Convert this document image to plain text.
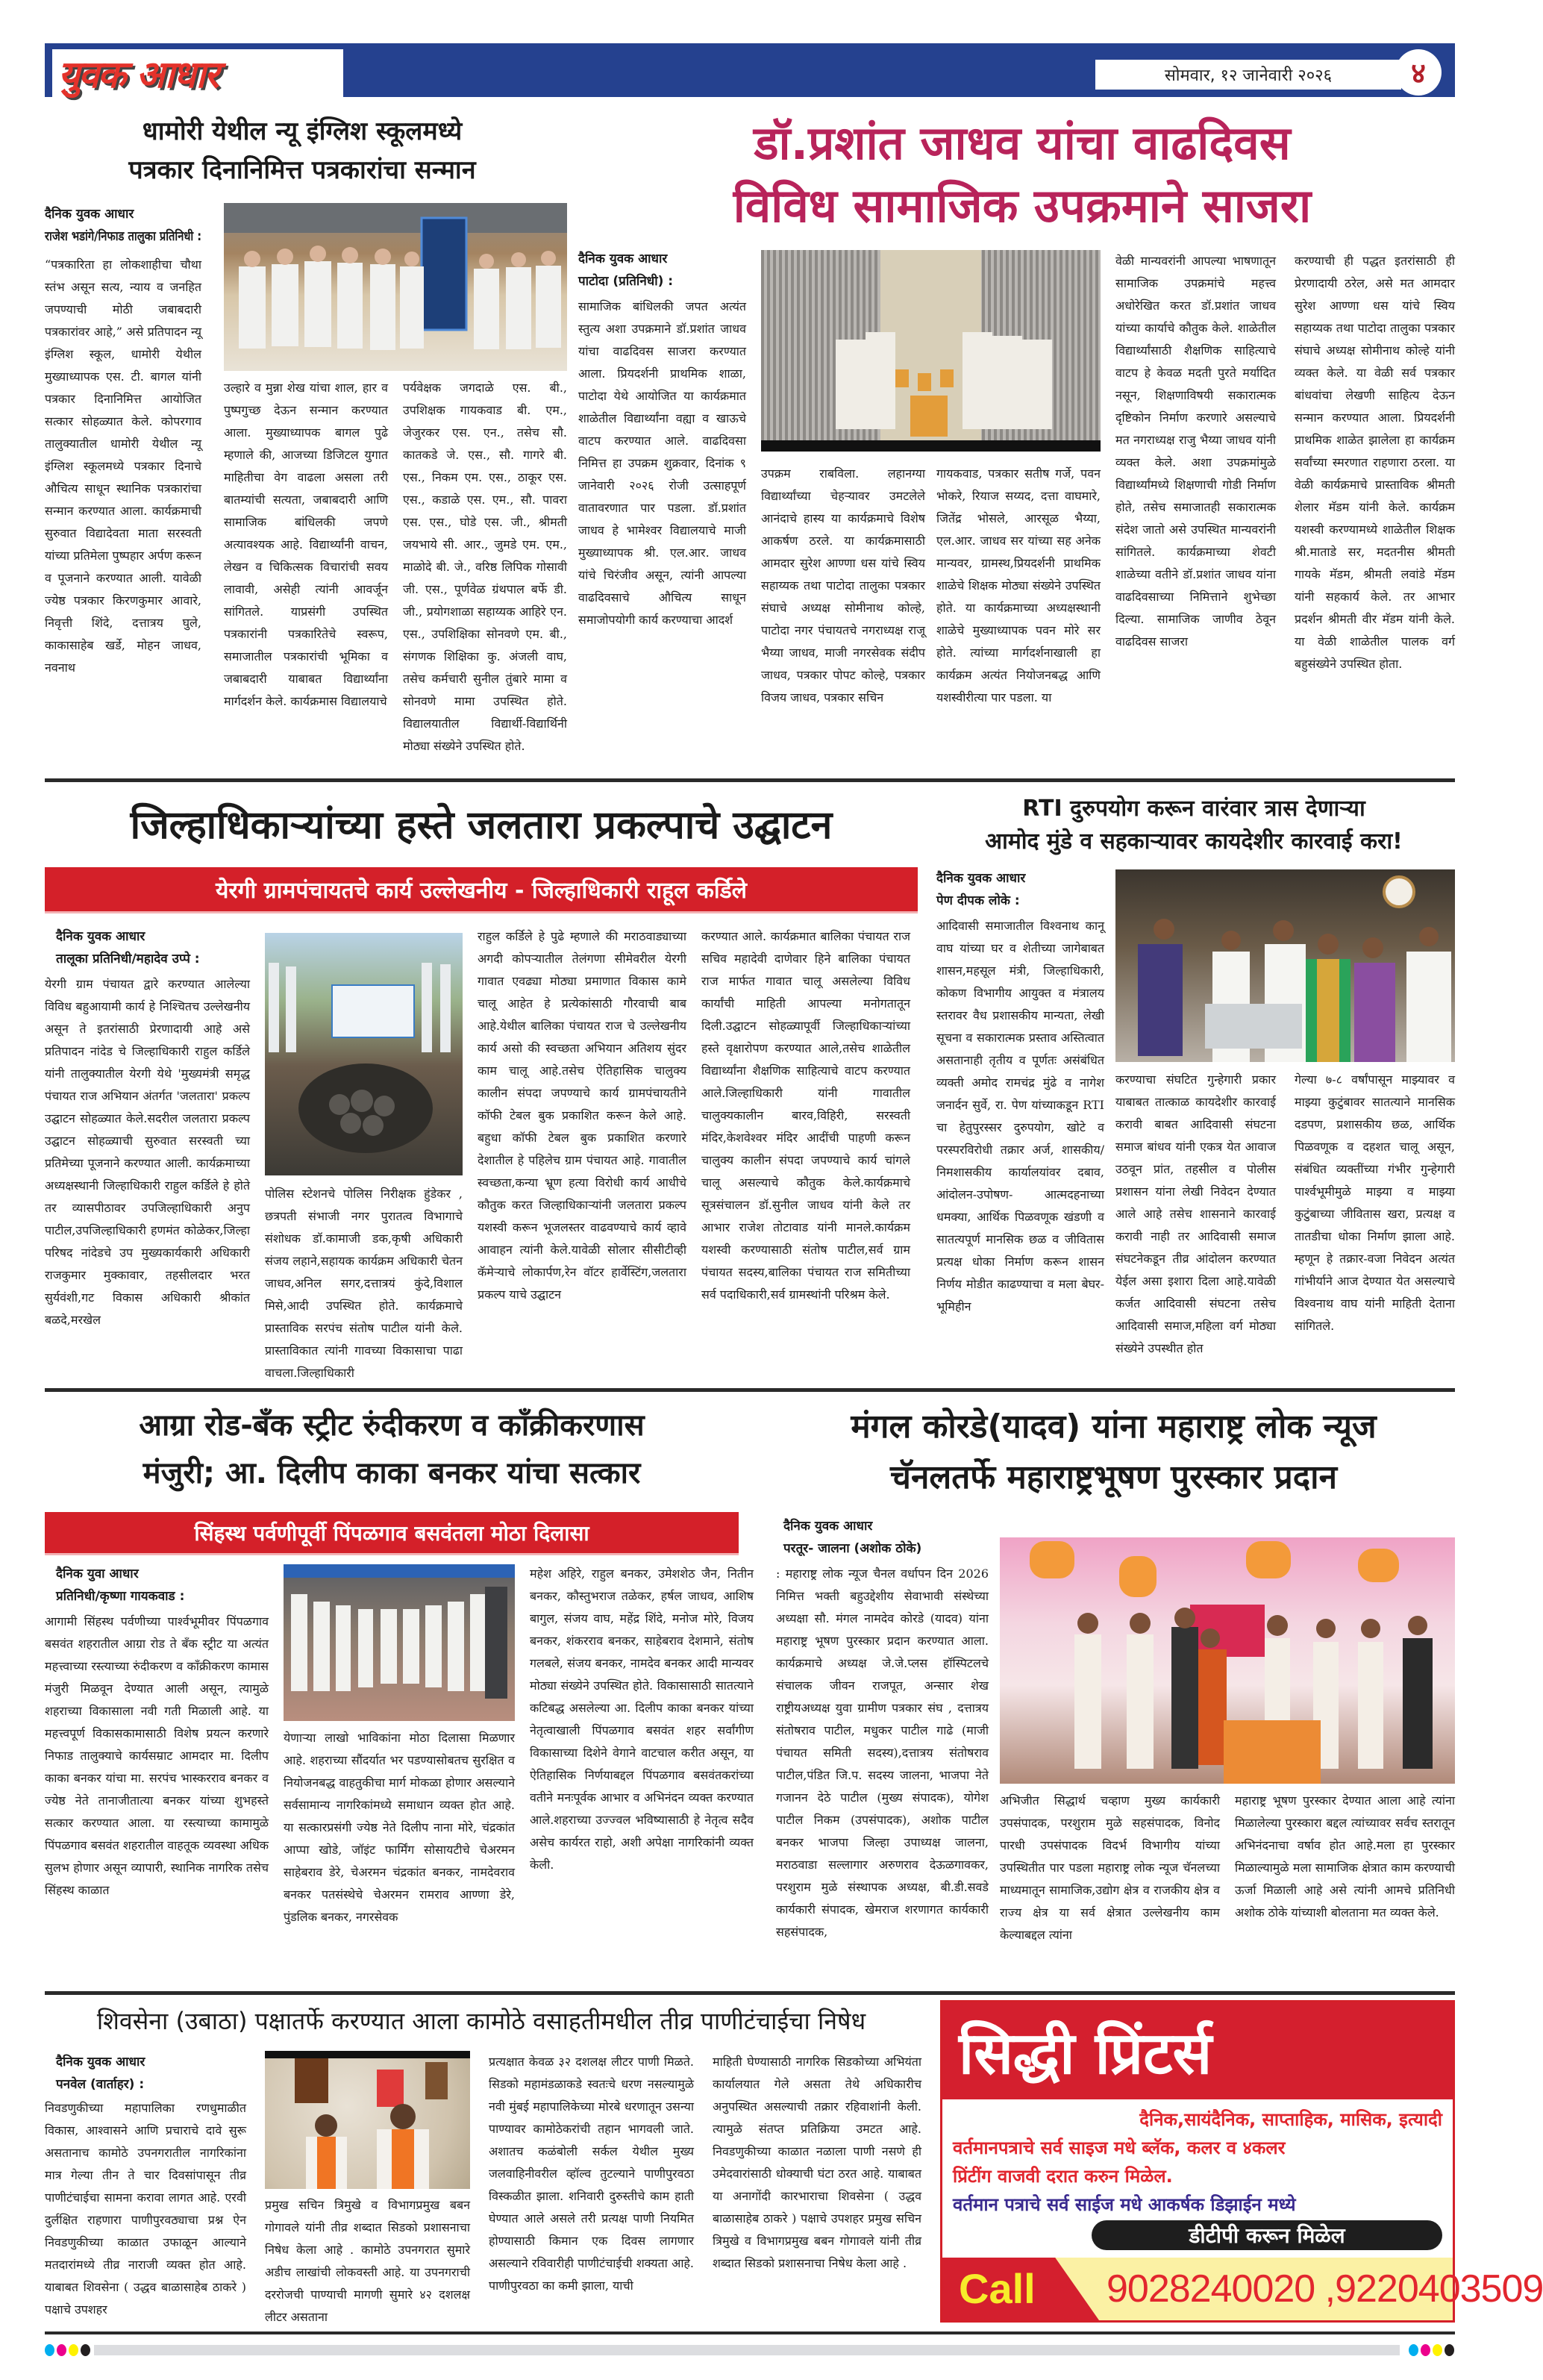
युवक आधार	सोमवार, १२ जानेवारी २०२६	४
धामोरी येथील न्यू इंग्लिश स्कूलमध्ये
पत्रकार दिनानिमित्त पत्रकारांचा सन्मान
दैनिक युवक आधार
राजेश भडांगे/निफाड तालुका प्रतिनिधी :
“पत्रकारिता हा लोकशाहीचा चौथा स्तंभ असून सत्य, न्याय व जनहित जपण्याची मोठी जबाबदारी पत्रकारांवर आहे,” असे प्रतिपादन न्यू इंग्लिश स्कूल, धामोरी येथील मुख्याध्यापक एस. टी. बागल यांनी पत्रकार दिनानिमित्त आयोजित सत्कार सोहळ्यात केले. कोपरगाव तालुक्यातील धामोरी येथील न्यू इंग्लिश स्कूलमध्ये पत्रकार दिनाचे औचित्य साधून स्थानिक पत्रकारांचा सन्मान करण्यात आला. कार्यक्रमाची सुरुवात विद्यादेवता माता सरस्वती यांच्या प्रतिमेला पुष्पहार अर्पण करून व पूजनाने करण्यात आली. यावेळी ज्येष्ठ पत्रकार किरणकुमार आवारे, निवृत्ती शिंदे, दत्तात्रय घुले, काकासाहेब खर्डे, मोहन जाधव, नवनाथ
उल्हारे व मुन्ना शेख यांचा शाल, हार व पुष्पगुच्छ देऊन सन्मान करण्यात आला. मुख्याध्यापक बागल पुढे म्हणाले की, आजच्या डिजिटल युगात माहितीचा वेग वाढला असला तरी बातम्यांची सत्यता, जबाबदारी आणि सामाजिक बांधिलकी जपणे अत्यावश्यक आहे. विद्यार्थ्यांनी वाचन, लेखन व चिकित्सक विचारांची सवय लावावी, असेही त्यांनी आवर्जून सांगितले. याप्रसंगी उपस्थित पत्रकारांनी पत्रकारितेचे स्वरूप, समाजातील पत्रकारांची भूमिका व जबाबदारी याबाबत विद्यार्थ्यांना मार्गदर्शन केले. कार्यक्रमास विद्यालयाचे
पर्यवेक्षक जगदाळे एस. बी., उपशिक्षक गायकवाड बी. एम., जेजुरकर एस. एन., तसेच सौ. कातकडे जे. एस., सौ. गागरे बी. एस., निकम एम. एस., ठाकूर एस. एस., कडाळे एस. एम., सौ. पावरा एस. एस., घोडे एस. जी., श्रीमती जयभाये सी. आर., जुमडे एम. एम., माळोदे बी. जे., वरिष्ठ लिपिक गोसावी जी. एस., पूर्णवेळ ग्रंथपाल बर्फे डी. जी., प्रयोगशाळा सहाय्यक आहिरे एन. एस., उपशिक्षिका सोनवणे एम. बी., संगणक शिक्षिका कु. अंजली वाघ, तसेच कर्मचारी सुनील तुंबारे मामा व सोनवणे मामा उपस्थित होते. विद्यालयातील विद्यार्थी-विद्यार्थिनी मोठ्या संख्येने उपस्थित होते.
डॉ.प्रशांत जाधव यांचा वाढदिवस
विविध सामाजिक उपक्रमाने साजरा
दैनिक युवक आधार
पाटोदा (प्रतिनिधी) :
सामाजिक बांधिलकी जपत अत्यंत स्तुत्य अशा उपक्रमाने डॉ.प्रशांत जाधव यांचा वाढदिवस साजरा करण्यात आला. प्रियदर्शनी प्राथमिक शाळा, पाटोदा येथे आयोजित या कार्यक्रमात शाळेतील विद्यार्थ्यांना वह्या व खाऊचे वाटप करण्यात आले. वाढदिवसा निमित्त हा उपक्रम शुक्रवार, दिनांक ९ जानेवारी २०२६ रोजी उत्साहपूर्ण वातावरणात पार पडला. डॉ.प्रशांत जाधव हे भामेश्वर विद्यालयाचे माजी मुख्याध्यापक श्री. एल.आर. जाधव यांचे चिरंजीव असून, त्यांनी आपल्या वाढदिवसाचे औचित्य साधून समाजोपयोगी कार्य करण्याचा आदर्श
उपक्रम राबविला. लहानग्या विद्यार्थ्यांच्या चेहऱ्यावर उमटलेले आनंदाचे हास्य या कार्यक्रमाचे विशेष आकर्षण ठरले. या कार्यक्रमासाठी आमदार सुरेश आण्णा धस यांचे स्विय सहाय्यक तथा पाटोदा तालुका पत्रकार संघाचे अध्यक्ष सोमीनाथ कोल्हे, पाटोदा नगर पंचायतचे नगराध्यक्ष राजू भैय्या जाधव, माजी नगरसेवक संदीप जाधव, पत्रकार पोपट कोल्हे, पत्रकार विजय जाधव, पत्रकार सचिन
गायकवाड, पत्रकार सतीष गर्जे, पवन भोकरे, रियाज सय्यद, दत्ता वाघमारे, जितेंद्र भोसले, आरसूळ भैय्या, एल.आर. जाधव सर यांच्या सह अनेक मान्यवर, ग्रामस्थ,प्रियदर्शनी प्राथमिक शाळेचे शिक्षक मोठ्या संख्येने उपस्थित होते. या कार्यक्रमाच्या अध्यक्षस्थानी शाळेचे मुख्याध्यापक पवन मोरे सर होते. त्यांच्या मार्गदर्शनाखाली हा कार्यक्रम अत्यंत नियोजनबद्ध आणि यशस्वीरीत्या पार पडला. या
वेळी मान्यवरांनी आपल्या भाषणातून सामाजिक उपक्रमांचे महत्त्व अधोरेखित करत डॉ.प्रशांत जाधव यांच्या कार्याचे कौतुक केले. शाळेतील विद्यार्थ्यांसाठी शैक्षणिक साहित्याचे वाटप हे केवळ मदती पुरते मर्यादित नसून, शिक्षणाविषयी सकारात्मक दृष्टिकोन निर्माण करणारे असल्याचे मत नगराध्यक्ष राजु भैय्या जाधव यांनी व्यक्त केले. अशा उपक्रमांमुळे विद्यार्थ्यांमध्ये शिक्षणाची गोडी निर्माण होते, तसेच समाजातही सकारात्मक संदेश जातो असे उपस्थित मान्यवरांनी सांगितले. कार्यक्रमाच्या शेवटी शाळेच्या वतीने डॉ.प्रशांत जाधव यांना वाढदिवसाच्या निमित्ताने शुभेच्छा दिल्या. सामाजिक जाणीव ठेवून वाढदिवस साजरा
करण्याची ही पद्धत इतरांसाठी ही प्रेरणादायी ठरेल, असे मत आमदार सुरेश आण्णा धस यांचे स्विय सहाय्यक तथा पाटोदा तालुका पत्रकार संघाचे अध्यक्ष सोमीनाथ कोल्हे यांनी व्यक्त केले. या वेळी सर्व पत्रकार बांधवांचा लेखणी साहित्य देऊन सन्मान करण्यात आला. प्रियदर्शनी प्राथमिक शाळेत झालेला हा कार्यक्रम सर्वांच्या स्मरणात राहणारा ठरला. या वेळी कार्यक्रमाचे प्रास्ताविक श्रीमती शेलार मॅडम यांनी केले. कार्यक्रम यशस्वी करण्यामध्ये शाळेतील शिक्षक श्री.माताडे सर, मदतनीस श्रीमती गायके मॅडम, श्रीमती लवांडे मॅडम यांनी सहकार्य केले. तर आभार प्रदर्शन श्रीमती वीर मॅडम यांनी केले. या वेळी शाळेतील पालक वर्ग बहुसंख्येने उपस्थित होता.
जिल्हाधिकाऱ्यांच्या हस्ते जलतारा प्रकल्पाचे उद्घाटन
येरगी ग्रामपंचायतचे कार्य उल्लेखनीय - जिल्हाधिकारी राहूल कर्डिले
दैनिक युवक आधार
तालूका प्रतिनिधी/महादेव उप्पे :
येरगी ग्राम पंचायत द्वारे करण्यात आलेल्या विविध बहुआयामी कार्य हे निश्चितच उल्लेखनीय असून ते इतरांसाठी प्रेरणादायी आहे असे प्रतिपादन नांदेड चे जिल्हाधिकारी राहुल कर्डिले यांनी तालुक्यातील येरगी येथे 'मुख्यमंत्री समृद्ध पंचायत राज अभियान अंतर्गत 'जलतारा' प्रकल्प उद्घाटन सोहळ्यात केले.सदरील जलतारा प्रकल्प उद्घाटन सोहळ्याची सुरुवात सरस्वती च्या प्रतिमेच्या पूजनाने करण्यात आली. कार्यक्रमाच्या अध्यक्षस्थानी जिल्हाधिकारी राहुल कर्डिले हे होते तर व्यासपीठावर उपजिल्हाधिकारी अनुप पाटील,उपजिल्हाधिकारी हणमंत कोळेकर,जिल्हा परिषद नांदेडचे उप मुख्यकार्यकारी अधिकारी राजकुमार मुक्कावार, तहसीलदार भरत सुर्यवंशी,गट विकास अधिकारी श्रीकांत बळदे,मरखेल
पोलिस स्टेशनचे पोलिस निरीक्षक हुंडेकर , छत्रपती संभाजी नगर पुरातत्व विभागाचे संशोधक डॉ.कामाजी डक,कृषी अधिकारी संजय लहाने,सहायक कार्यक्रम अधिकारी चेतन जाधव,अनिल सगर,दत्तात्रयं कुंदे,विशाल मिसे,आदी उपस्थित होते. कार्यक्रमाचे प्रास्ताविक सरपंच संतोष पाटील यांनी केले. प्रास्ताविकात त्यांनी गावच्या विकासाचा पाढा वाचला.जिल्हाधिकारी
राहुल कर्डिले हे पुढे म्हणाले की मराठवाड्याच्या अगदी कोपऱ्यातील तेलंगणा सीमेवरील येरगी गावात एवढ्या मोठ्या प्रमाणात विकास कामे चालू आहेत हे प्रत्येकांसाठी गौरवाची बाब आहे.येथील बालिका पंचायत राज चे उल्लेखनीय कार्य असो की स्वच्छता अभियान अतिशय सुंदर काम चालू आहे.तसेच ऐतिहासिक चालुक्य कालीन संपदा जपण्याचे कार्य ग्रामपंचायतीने कॉफी टेबल बुक प्रकाशित करून केले आहे. बहुधा कॉफी टेबल बुक प्रकाशित करणारे देशातील हे पहिलेच ग्राम पंचायत आहे. गावातील स्वच्छता,कन्या भ्रूण हत्या विरोधी कार्य आधीचे कौतुक करत जिल्हाधिकाऱ्यांनी जलतारा प्रकल्प यशस्वी करून भूजलस्तर वाढवण्याचे कार्य व्हावे आवाहन त्यांनी केले.यावेळी सोलार सीसीटीव्ही कॅमेऱ्याचे लोकार्पण,रेन वॉटर हार्वेस्टिंग,जलतारा प्रकल्प याचे उद्घाटन
करण्यात आले. कार्यक्रमात बालिका पंचायत राज सचिव महादेवी दाणेवार हिने बालिका पंचायत राज मार्फत गावात चालू असलेल्या विविध कार्यांची माहिती आपल्या मनोगतातून दिली.उद्घाटन सोहळ्यापूर्वी जिल्हाधिकाऱ्यांच्या हस्ते वृक्षारोपण करण्यात आले,तसेच शाळेतील विद्यार्थ्यांना शैक्षणिक साहित्याचे वाटप करण्यात आले.जिल्हाधिकारी यांनी गावातील चालुक्यकालीन बारव,विहिरी, सरस्वती मंदिर,केशवेश्वर मंदिर आदींची पाहणी करून चालुक्य कालीन संपदा जपण्याचे कार्य चांगले चालू असल्याचे कौतुक केले.कार्यक्रमाचे सूत्रसंचालन डॉ.सुनील जाधव यांनी केले तर आभार राजेश तोटावाड यांनी मानले.कार्यक्रम यशस्वी करण्यासाठी संतोष पाटील,सर्व ग्राम पंचायत सदस्य,बालिका पंचायत राज समितीच्या सर्व पदाधिकारी,सर्व ग्रामस्थांनी परिश्रम केले.
RTI दुरुपयोग करून वारंवार त्रास देणाऱ्या
आमोद मुंडे व सहकाऱ्यावर कायदेशीर कारवाई करा!
दैनिक युवक आधार
पेण दीपक लोके :
आदिवासी समाजातील विश्वनाथ कानू वाघ यांच्या घर व शेतीच्या जागेबाबत शासन,महसूल मंत्री, जिल्हाधिकारी, कोकण विभागीय आयुक्त व मंत्रालय स्तरावर वैध प्रशासकीय मान्यता, लेखी सूचना व सकारात्मक प्रस्ताव अस्तित्वात असतानाही तृतीय व पूर्णतः असंबंधित व्यक्ती अमोद रामचंद्र मुंढे व नागेश जनार्दन सुर्वे, रा. पेण यांच्याकडून RTI चा हेतुपुरस्सर दुरुपयोग, खोटे व परस्परविरोधी तक्रार अर्ज, शासकीय/निमशासकीय कार्यालयांवर दबाव, आंदोलन-उपोषण- आत्मदहनाच्या धमक्या, आर्थिक पिळवणूक खंडणी व सातत्यपूर्ण मानसिक छळ व जीवितास प्रत्यक्ष धोका निर्माण करून शासन निर्णय मोडीत काढण्याचा व मला बेघर-भूमिहीन
करण्याचा संघटित गुन्हेगारी प्रकार याबाबत तात्काळ कायदेशीर कारवाई करावी बाबत आदिवासी संघटना समाज बांधव यांनी एकत्र येत आवाज उठवून प्रांत, तहसील व पोलीस प्रशासन यांना लेखी निवेदन देण्यात आले आहे तसेच शासनाने कारवाई करावी नाही तर आदिवासी समाज संघटनेकडून तीव्र आंदोलन करण्यात येईल असा इशारा दिला आहे.यावेळी कर्जत आदिवासी संघटना तसेच आदिवासी समाज,महिला वर्ग मोठ्या संख्येने उपस्थीत होत
गेल्या ७-८ वर्षांपासून माझ्यावर व माझ्या कुटुंबावर सातत्याने मानसिक दडपण, प्रशासकीय छळ, आर्थिक पिळवणूक व दहशत चालू असून, संबंधित व्यक्तींच्या गंभीर गुन्हेगारी पार्श्वभूमीमुळे माझ्या व माझ्या कुटुंबाच्या जीवितास खरा, प्रत्यक्ष व तातडीचा धोका निर्माण झाला आहे. म्हणून हे तक्रार-वजा निवेदन अत्यंत गांभीर्याने आज देण्यात येत असल्याचे विश्वनाथ वाघ यांनी माहिती देताना सांगितले.
आग्रा रोड-बँक स्ट्रीट रुंदीकरण व काँक्रीकरणास
मंजुरी; आ. दिलीप काका बनकर यांचा सत्कार
सिंहस्थ पर्वणीपूर्वी पिंपळगाव बसवंतला मोठा दिलासा
दैनिक युवा आधार
प्रतिनिधी/कृष्णा गायकवाड :
आगामी सिंहस्थ पर्वणीच्या पार्श्वभूमीवर पिंपळगाव बसवंत शहरातील आग्रा रोड ते बँक स्ट्रीट या अत्यंत महत्त्वाच्या रस्त्याच्या रुंदीकरण व काँक्रीकरण कामास मंजुरी मिळवून देण्यात आली असून, त्यामुळे शहराच्या विकासाला नवी गती मिळाली आहे. या महत्त्वपूर्ण विकासकामासाठी विशेष प्रयत्न करणारे निफाड तालुक्याचे कार्यसम्राट आमदार मा. दिलीप काका बनकर यांचा मा. सरपंच भास्करराव बनकर व ज्येष्ठ नेते तानाजीतात्या बनकर यांच्या शुभहस्ते सत्कार करण्यात आला. या रस्त्याच्या कामामुळे पिंपळगाव बसवंत शहरातील वाहतूक व्यवस्था अधिक सुलभ होणार असून व्यापारी, स्थानिक नागरिक तसेच सिंहस्थ काळात
येणाऱ्या लाखो भाविकांना मोठा दिलासा मिळणार आहे. शहराच्या सौंदर्यात भर पडण्यासोबतच सुरक्षित व नियोजनबद्ध वाहतुकीचा मार्ग मोकळा होणार असल्याने सर्वसामान्य नागरिकांमध्ये समाधान व्यक्त होत आहे. या सत्कारप्रसंगी ज्येष्ठ नेते दिलीप नाना मोरे, चंद्रकांत आप्पा खोडे, जॉइंट फार्मिंग सोसायटीचे चेअरमन साहेबराव डेरे, चेअरमन चंद्रकांत बनकर, नामदेवराव बनकर पतसंस्थेचे चेअरमन रामराव आण्णा डेरे, पुंडलिक बनकर, नगरसेवक
महेश अहिरे, राहुल बनकर, उमेशशेठ जैन, नितीन बनकर, कौस्तुभराज तळेकर, हर्षल जाधव, आशिष बागुल, संजय वाघ, महेंद्र शिंदे, मनोज मोरे, विजय बनकर, शंकरराव बनकर, साहेबराव देशमाने, संतोष गलबले, संजय बनकर, नामदेव बनकर आदी मान्यवर मोठ्या संख्येने उपस्थित होते. विकासासाठी सातत्याने कटिबद्ध असलेल्या आ. दिलीप काका बनकर यांच्या नेतृत्वाखाली पिंपळगाव बसवंत शहर सर्वांगीण विकासाच्या दिशेने वेगाने वाटचाल करीत असून, या ऐतिहासिक निर्णयाबद्दल पिंपळगाव बसवंतकरांच्या वतीने मनःपूर्वक आभार व अभिनंदन व्यक्त करण्यात आले.शहराच्या उज्ज्वल भविष्यासाठी हे नेतृत्व सदैव असेच कार्यरत राहो, अशी अपेक्षा नागरिकांनी व्यक्त केली.
मंगल कोरडे(यादव) यांना महाराष्ट्र लोक न्यूज
चॅनलतर्फे महाराष्ट्रभूषण पुरस्कार प्रदान
दैनिक युवक आधार
परतूर- जालना (अशोक ठोके)
: महाराष्ट्र लोक न्यूज चैनल वर्धापन दिन 2026 निमित्त भक्ती बहुउद्देशीय सेवाभावी संस्थेच्या अध्यक्षा सौ. मंगल नामदेव कोरडे (यादव) यांना महाराष्ट्र भूषण पुरस्कार प्रदान करण्यात आला. कार्यक्रमाचे अध्यक्ष जे.जे.प्लस हॉस्पिटलचे संचालक जीवन राजपूत, अन्सार शेख राष्ट्रीयअध्यक्ष युवा ग्रामीण पत्रकार संघ , दत्तात्रय संतोषराव पाटील, मधुकर पाटील गाढे (माजी पंचायत समिती सदस्य),दत्तात्रय संतोषराव पाटील,पंडित जि.प. सदस्य जालना, भाजपा नेते गजानन देठे पाटील (मुख्य संपादक), योगेश पाटील निकम (उपसंपादक), अशोक पाटील बनकर भाजपा जिल्हा उपाध्यक्ष जालना, मराठवाडा सल्लागार अरुणराव देऊळगावकर, परशुराम मुळे संस्थापक अध्यक्ष, बी.डी.सवडे कार्यकारी संपादक, खेमराज शरणागत कार्यकारी सहसंपादक,
अभिजीत सिद्धार्थ चव्हाण मुख्य कार्यकारी उपसंपादक, परशुराम मुळे सहसंपादक, विनोद पारधी उपसंपादक विदर्भ विभागीय यांच्या उपस्थितीत पार पडला महाराष्ट्र लोक न्यूज चॅनलच्या माध्यमातून सामाजिक,उद्योग क्षेत्र व राजकीय क्षेत्र व राज्य क्षेत्र या सर्व क्षेत्रात उल्लेखनीय काम केल्याबद्दल त्यांना
महाराष्ट्र भूषण पुरस्कार देण्यात आला आहे त्यांना मिळालेल्या पुरस्कारा बद्दल त्यांच्यावर सर्वच स्तरातून अभिनंदनाचा वर्षाव होत आहे.मला हा पुरस्कार मिळाल्यामुळे मला सामाजिक क्षेत्रात काम करण्याची ऊर्जा मिळाली आहे असे त्यांनी आमचे प्रतिनिधी अशोक ठोके यांच्याशी बोलताना मत व्यक्त केले.
शिवसेना (उबाठा) पक्षातर्फे करण्यात आला कामोठे वसाहतीमधील तीव्र पाणीटंचाईचा निषेध
दैनिक युवक आधार
पनवेल (वार्ताहर) :
निवडणुकीच्या महापालिका रणधुमाळीत विकास, आश्वासने आणि प्रचाराचे दावे सुरू असतानाच कामोठे उपनगरातील नागरिकांना मात्र गेल्या तीन ते चार दिवसांपासून तीव्र पाणीटंचाईचा सामना करावा लागत आहे. एरवी दुर्लक्षित राहणारा पाणीपुरवठ्याचा प्रश्न ऐन निवडणुकीच्या काळात उफाळून आल्याने मतदारांमध्ये तीव्र नाराजी व्यक्त होत आहे. याबाबत शिवसेना ( उद्धव बाळासाहेब ठाकरे ) पक्षाचे उपशहर
प्रमुख सचिन त्रिमुखे व विभागप्रमुख बबन गोगावले यांनी तीव्र शब्दात सिडको प्रशासनाचा निषेध केला आहे . कामोठे उपनगरात सुमारे अडीच लाखांची लोकवस्ती आहे. या उपनगराची दररोजची पाण्याची मागणी सुमारे ४२ दशलक्ष लीटर असताना
प्रत्यक्षात केवळ ३२ दशलक्ष लीटर पाणी मिळते. सिडको महामंडळाकडे स्वतःचे धरण नसल्यामुळे नवी मुंबई महापालिकेच्या मोरबे धरणातून उसन्या पाण्यावर कामोठेकरांची तहान भागवली जाते. अशातच कळंबोली सर्कल येथील मुख्य जलवाहिनीवरील व्हॉल्व तुटल्याने पाणीपुरवठा विस्कळीत झाला. शनिवारी दुरुस्तीचे काम हाती घेण्यात आले असले तरी प्रत्यक्ष पाणी नियमित होण्यासाठी किमान एक दिवस लागणार असल्याने रविवारीही पाणीटंचाईची शक्यता आहे. पाणीपुरवठा का कमी झाला, याची
माहिती घेण्यासाठी नागरिक सिडकोच्या अभियंता कार्यालयात गेले असता तेथे अधिकारीच अनुपस्थित असल्याची तक्रार रहिवाशांनी केली. त्यामुळे संतप्त प्रतिक्रिया उमटत आहे. निवडणुकीच्या काळात नळाला पाणी नसणे ही उमेदवारांसाठी धोक्याची घंटा ठरत आहे. याबाबत या अनागोंदी कारभाराचा शिवसेना ( उद्धव बाळासाहेब ठाकरे ) पक्षाचे उपशहर प्रमुख सचिन त्रिमुखे व विभागप्रमुख बबन गोगावले यांनी तीव्र शब्दात सिडको प्रशासनाचा निषेध केला आहे .
सिद्धी प्रिंटर्स
दैनिक,सायंदैनिक, साप्ताहिक, मासिक, इत्यादी
वर्तमानपत्राचे सर्व साइज मधे ब्लॅक, कलर व ४कलर
प्रिंटींग वाजवी दरात करुन मिळेल.
वर्तमान पत्राचे सर्व साईज मधे आकर्षक डिझाईन मध्ये
डीटीपी करून मिळेल
Call 9028240020 ,9220403509
